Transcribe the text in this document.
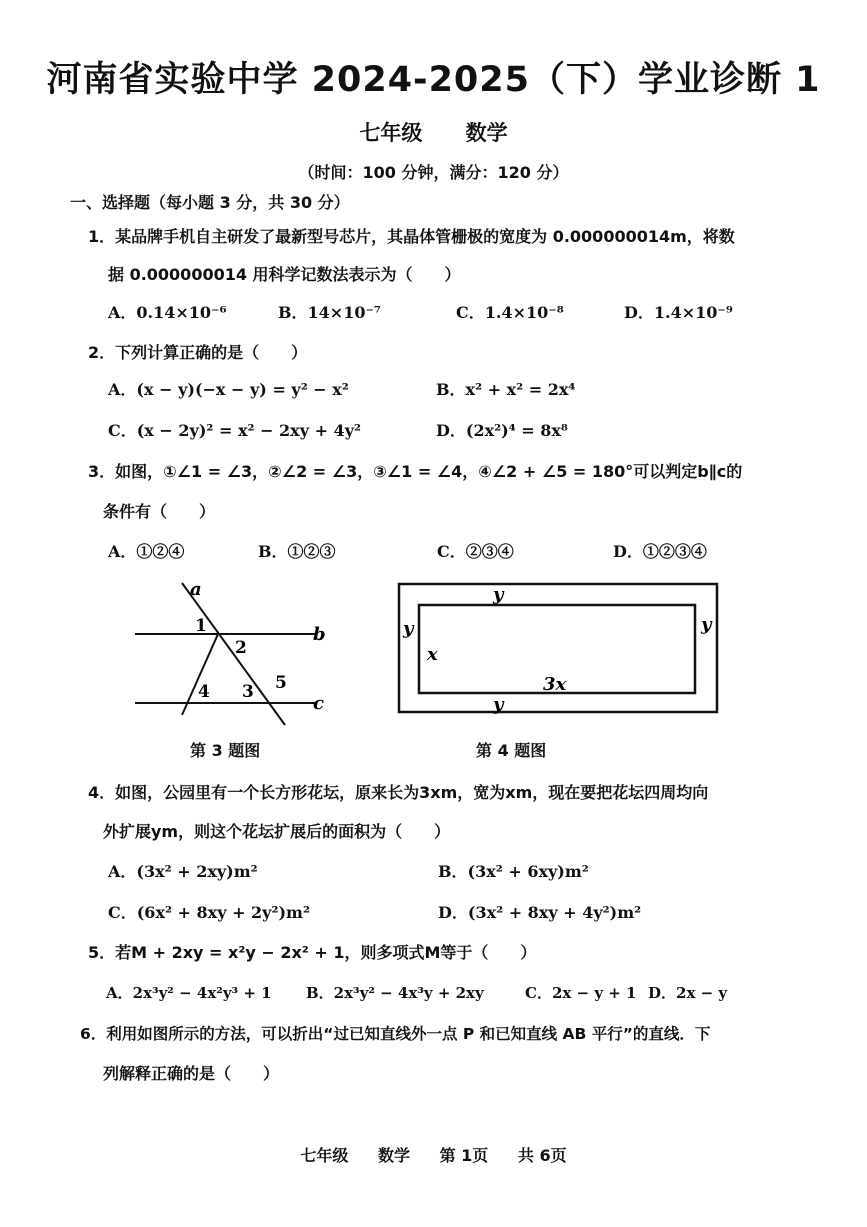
河南省实验中学 2024-2025（下）学业诊断 1
七年级 数学
（时间：100 分钟，满分：120 分）
一、选择题（每小题 3 分，共 30 分）
1．某品牌手机自主研发了最新型号芯片，其晶体管栅极的宽度为 0.000000014m，将数
据 0.000000014 用科学记数法表示为（　　）
A．0.14×10⁻⁶	B．14×10⁻⁷	C．1.4×10⁻⁸	D．1.4×10⁻⁹
2．下列计算正确的是（　　）
A．(x − y)(−x − y) = y² − x²	B．x² + x² = 2x⁴
C．(x − 2y)² = x² − 2xy + 4y²	D．(2x²)⁴ = 8x⁸
3．如图，①∠1 = ∠3，②∠2 = ∠3，③∠1 = ∠4，④∠2 + ∠5 = 180°可以判定b∥c的
条件有（　　）
A．①②④	B．①②③	C．②③④	D．①②③④
a
b
c
1
2
3
4	5
第 3 题图
y
y	y
y
x
3x
第 4 题图
4．如图，公园里有一个长方形花坛，原来长为3xm，宽为xm，现在要把花坛四周均向
外扩展ym，则这个花坛扩展后的面积为（　　）
A．(3x² + 2xy)m²	B．(3x² + 6xy)m²
C．(6x² + 8xy + 2y²)m²	D．(3x² + 8xy + 4y²)m²
5．若M + 2xy = x²y − 2x² + 1，则多项式M等于（　　）
A．2x³y² − 4x²y³ + 1 B．2x³y² − 4x³y + 2xy	C．2x − y + 1 D．2x − y
6．利用如图所示的方法，可以折出“过已知直线外一点 P 和已知直线 AB 平行”的直线．下
列解释正确的是（　　）
七年级 数学 第 1页 共 6页
